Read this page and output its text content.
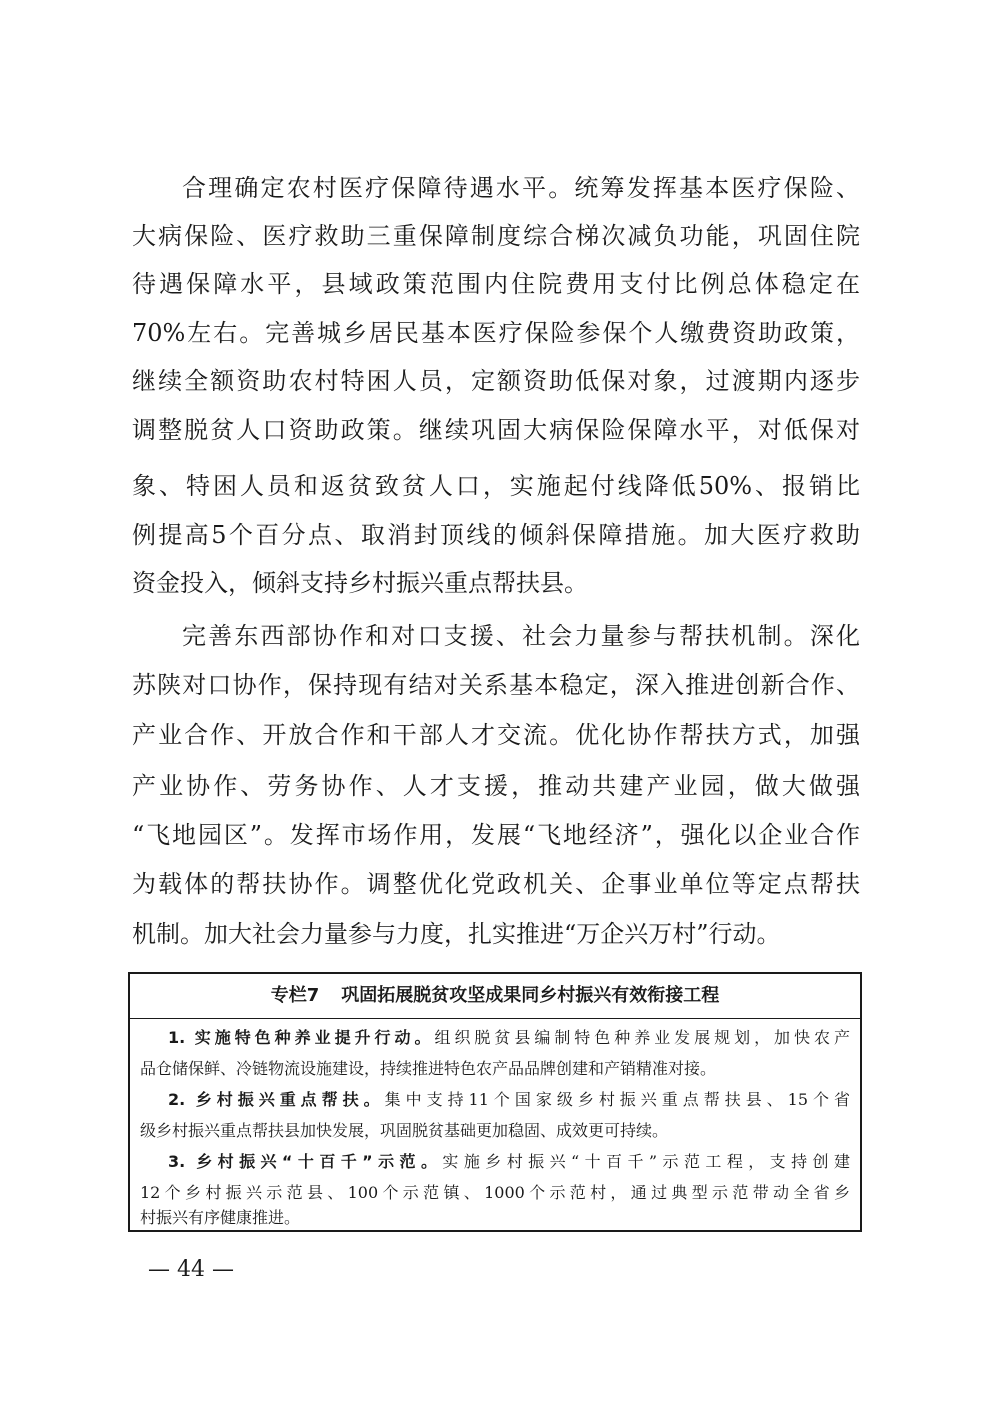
合理确定农村医疗保障待遇水平。统筹发挥基本医疗保险、
大病保险、医疗救助三重保障制度综合梯次减负功能，巩固住院
待遇保障水平，县域政策范围内住院费用支付比例总体稳定在
70%左右。完善城乡居民基本医疗保险参保个人缴费资助政策，
继续全额资助农村特困人员，定额资助低保对象，过渡期内逐步
调整脱贫人口资助政策。继续巩固大病保险保障水平，对低保对
象、特困人员和返贫致贫人口，实施起付线降低50%、报销比
例提高5个百分点、取消封顶线的倾斜保障措施。加大医疗救助
资金投入，倾斜支持乡村振兴重点帮扶县。
完善东西部协作和对口支援、社会力量参与帮扶机制。深化
苏陕对口协作，保持现有结对关系基本稳定，深入推进创新合作、
产业合作、开放合作和干部人才交流。优化协作帮扶方式，加强
产业协作、劳务协作、人才支援，推动共建产业园，做大做强
“飞地园区”。发挥市场作用，发展“飞地经济”，强化以企业合作
为载体的帮扶协作。调整优化党政机关、企事业单位等定点帮扶
机制。加大社会力量参与力度，扎实推进“万企兴万村”行动。
专栏7 巩固拓展脱贫攻坚成果同乡村振兴有效衔接工程
1. 实施特色种养业提升行动。组织脱贫县编制特色种养业发展规划，加快农产
品仓储保鲜、冷链物流设施建设，持续推进特色农产品品牌创建和产销精准对接。
2. 乡村振兴重点帮扶。集中支持11个国家级乡村振兴重点帮扶县、15个省
级乡村振兴重点帮扶县加快发展，巩固脱贫基础更加稳固、成效更可持续。
3. 乡村振兴“十百千”示范。实施乡村振兴“十百千”示范工程，支持创建
12个乡村振兴示范县、100个示范镇、1000个示范村，通过典型示范带动全省乡
村振兴有序健康推进。
— 44 —
